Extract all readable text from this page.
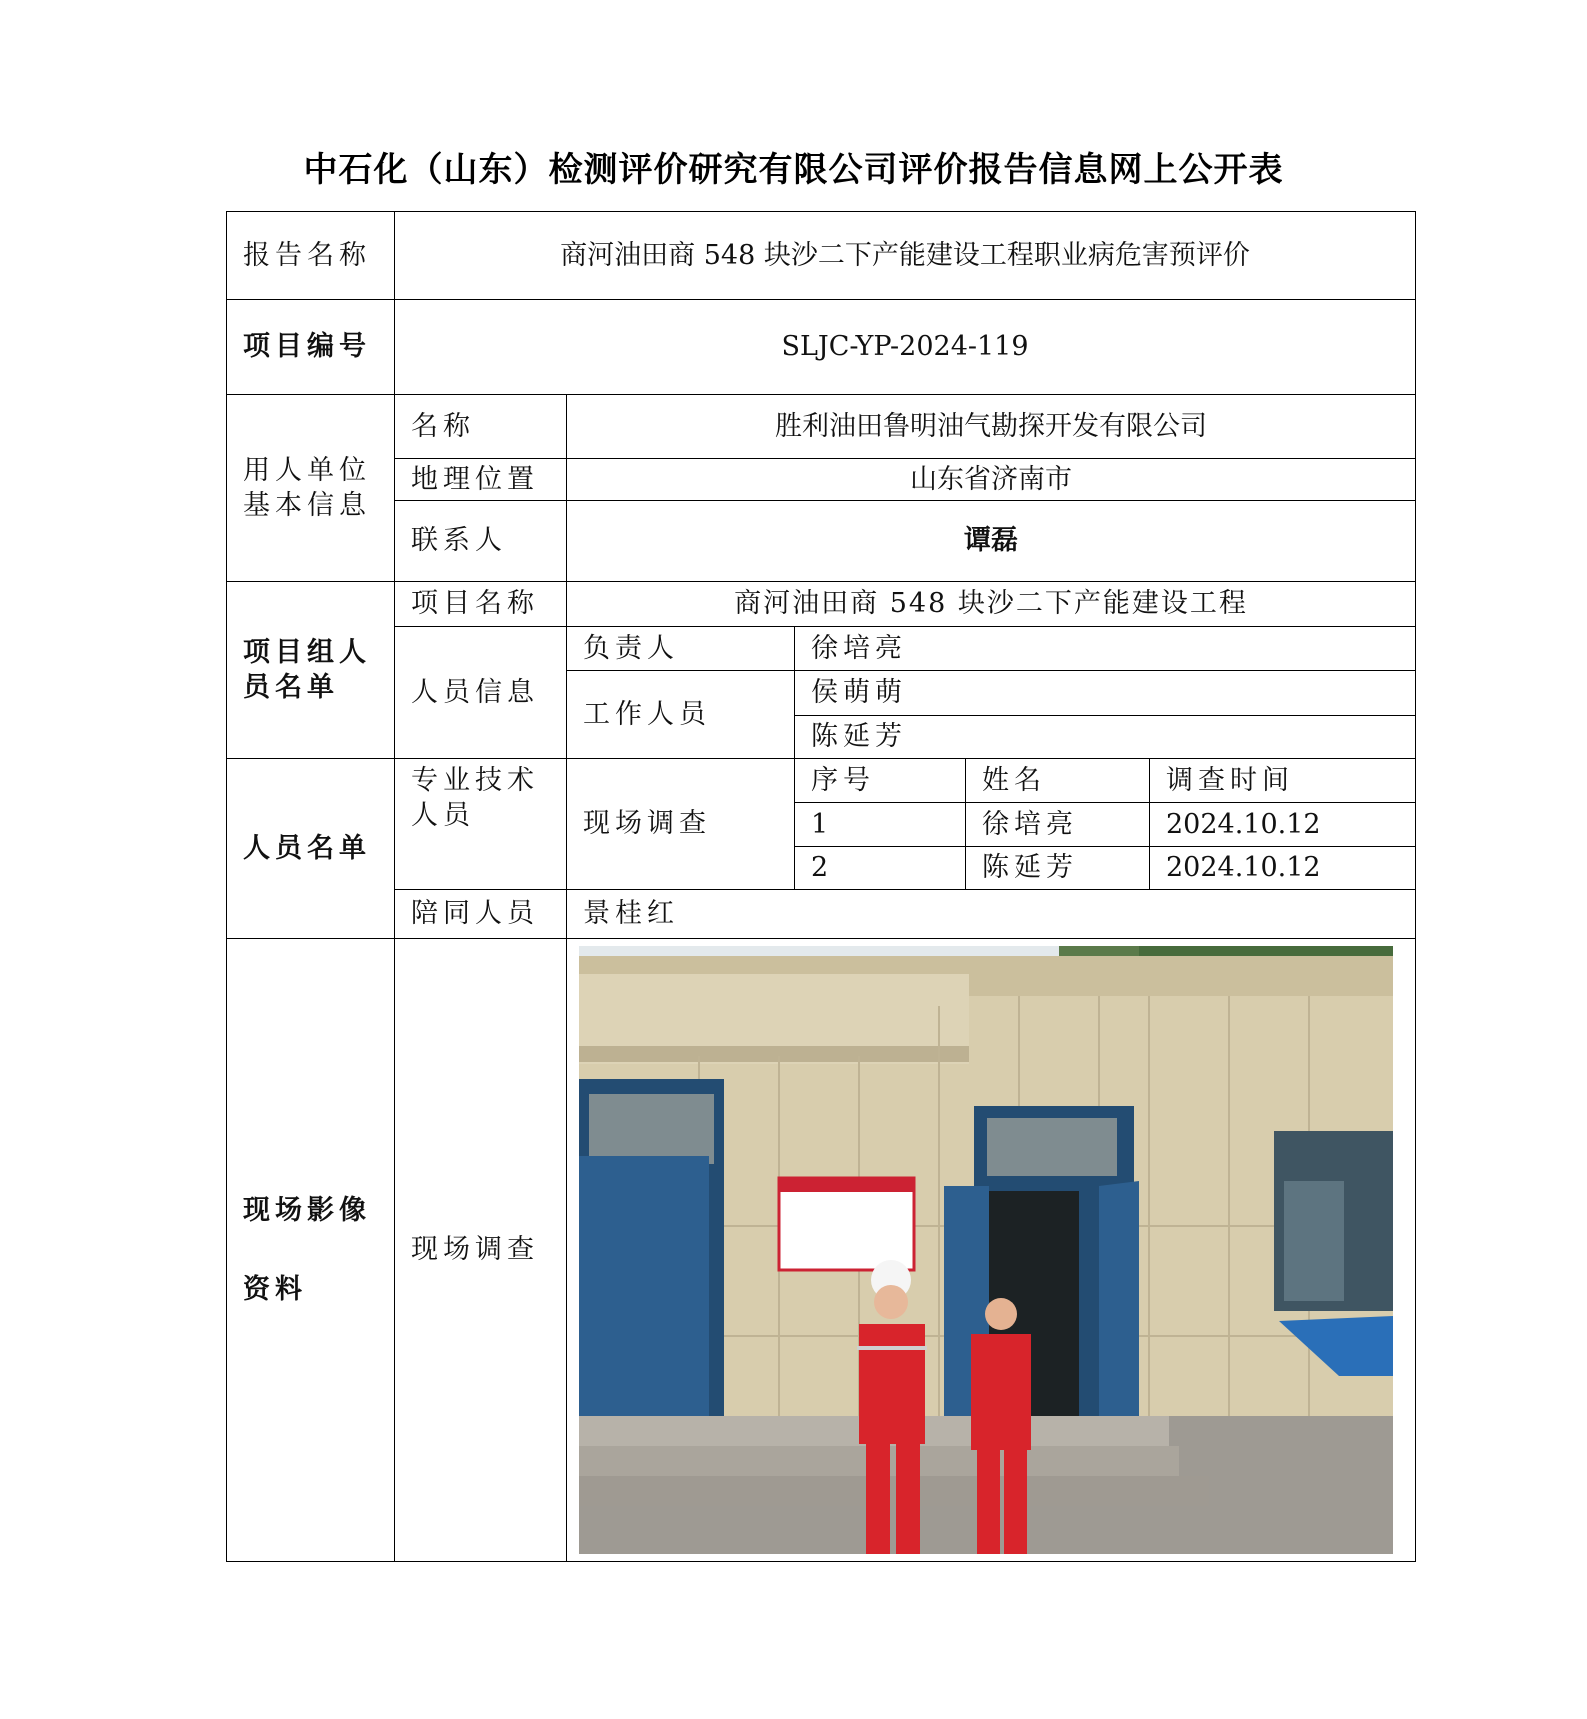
中石化（山东）检测评价研究有限公司评价报告信息网上公开表
报告名称	商河油田商 548 块沙二下产能建设工程职业病危害预评价				
项目编号	SLJC-YP-2024-119				
用人单位基本信息	名称	胜利油田鲁明油气勘探开发有限公司			
	地理位置	山东省济南市			
	联系人	谭磊			
项目组人员名单	项目名称	商河油田商 548 块沙二下产能建设工程			
	人员信息	负责人	徐培亮		
		工作人员	侯萌萌		
			陈延芳		
人员名单	专业技术人员	现场调查	序号	姓名	调查时间
			1	徐培亮	2024.10.12
			2	陈延芳	2024.10.12
	陪同人员	景桂红			

现场影像
资料	现场调查	
